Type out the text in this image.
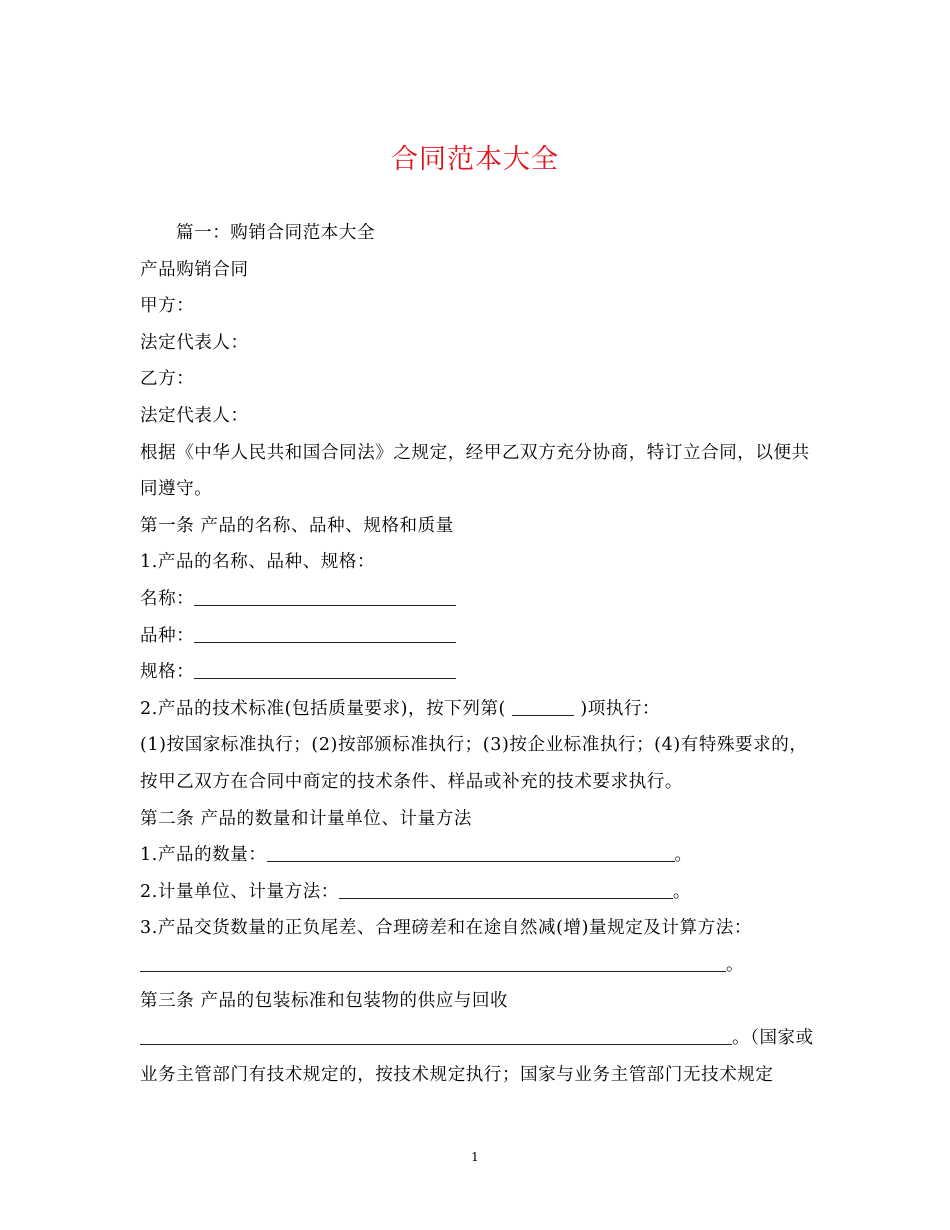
合同范本大全
篇一：购销合同范本大全
产品购销合同
甲方：
法定代表人：
乙方：
法定代表人：
根据《中华人民共和国合同法》之规定，经甲乙双方充分协商，特订立合同，以便共同遵守。
第一条 产品的名称、品种、规格和质量
1.产品的名称、品种、规格：
名称：
品种：
规格：
2.产品的技术标准(包括质量要求)，按下列第(	)项执行：
(1)按国家标准执行；(2)按部颁标准执行；(3)按企业标准执行；(4)有特殊要求的，按甲乙双方在合同中商定的技术条件、样品或补充的技术要求执行。
第二条 产品的数量和计量单位、计量方法
1.产品的数量：	。
2.计量单位、计量方法：	。
3.产品交货数量的正负尾差、合理磅差和在途自然减(增)量规定及计算方法：
。
第三条 产品的包装标准和包装物的供应与回收
。（国家或业务主管部门有技术规定的，按技术规定执行；国家与业务主管部门无技术规定
1
